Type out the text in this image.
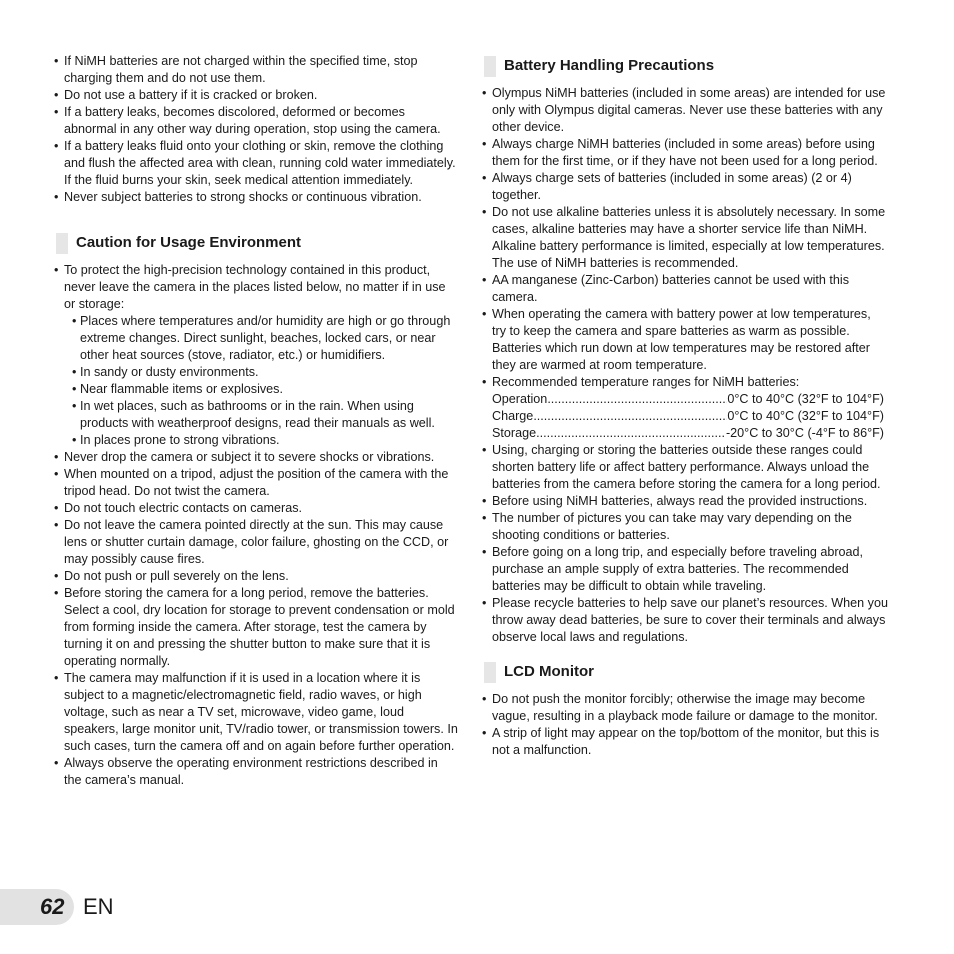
• If NiMH batteries are not charged within the specified time, stop charging them and do not use them.
• Do not use a battery if it is cracked or broken.
• If a battery leaks, becomes discolored, deformed or becomes abnormal in any other way during operation, stop using the camera.
• If a battery leaks fluid onto your clothing or skin, remove the clothing and flush the affected area with clean, running cold water immediately. If the fluid burns your skin, seek medical attention immediately.
• Never subject batteries to strong shocks or continuous vibration.
Caution for Usage Environment
• To protect the high-precision technology contained in this product, never leave the camera in the places listed below, no matter if in use or storage:
• Places where temperatures and/or humidity are high or go through extreme changes. Direct sunlight, beaches, locked cars, or near other heat sources (stove, radiator, etc.) or humidifiers.
• In sandy or dusty environments.
• Near flammable items or explosives.
• In wet places, such as bathrooms or in the rain. When using products with weatherproof designs, read their manuals as well.
• In places prone to strong vibrations.
• Never drop the camera or subject it to severe shocks or vibrations.
• When mounted on a tripod, adjust the position of the camera with the tripod head. Do not twist the camera.
• Do not touch electric contacts on cameras.
• Do not leave the camera pointed directly at the sun. This may cause lens or shutter curtain damage, color failure, ghosting on the CCD, or may possibly cause fires.
• Do not push or pull severely on the lens.
• Before storing the camera for a long period, remove the batteries. Select a cool, dry location for storage to prevent condensation or mold from forming inside the camera. After storage, test the camera by turning it on and pressing the shutter button to make sure that it is operating normally.
• The camera may malfunction if it is used in a location where it is subject to a magnetic/electromagnetic field, radio waves, or high voltage, such as near a TV set, microwave, video game, loud speakers, large monitor unit, TV/radio tower, or transmission towers. In such cases, turn the camera off and on again before further operation.
• Always observe the operating environment restrictions described in the camera’s manual.
Battery Handling Precautions
• Olympus NiMH batteries (included in some areas) are intended for use only with Olympus digital cameras. Never use these batteries with any other device.
• Always charge NiMH batteries (included in some areas) before using them for the first time, or if they have not been used for a long period.
• Always charge sets of batteries (included in some areas) (2 or 4) together.
• Do not use alkaline batteries unless it is absolutely necessary. In some cases, alkaline batteries may have a shorter service life than NiMH. Alkaline battery performance is limited, especially at low temperatures. The use of NiMH batteries is recommended.
• AA manganese (Zinc-Carbon) batteries cannot be used with this camera.
• When operating the camera with battery power at low temperatures, try to keep the camera and spare batteries as warm as possible. Batteries which run down at low temperatures may be restored after they are warmed at room temperature.
• Recommended temperature ranges for NiMH batteries:
Operation .....	0°C to 40°C (32°F to 104°F)
Charge .....	0°C to 40°C (32°F to 104°F)
Storage .....	-20°C to 30°C (-4°F to 86°F)
• Using, charging or storing the batteries outside these ranges could shorten battery life or affect battery performance. Always unload the batteries from the camera before storing the camera for a long period.
• Before using NiMH batteries, always read the provided instructions.
• The number of pictures you can take may vary depending on the shooting conditions or batteries.
• Before going on a long trip, and especially before traveling abroad, purchase an ample supply of extra batteries. The recommended batteries may be difficult to obtain while traveling.
• Please recycle batteries to help save our planet’s resources. When you throw away dead batteries, be sure to cover their terminals and always observe local laws and regulations.
LCD Monitor
• Do not push the monitor forcibly; otherwise the image may become vague, resulting in a playback mode failure or damage to the monitor.
• A strip of light may appear on the top/bottom of the monitor, but this is not a malfunction.
62 EN
